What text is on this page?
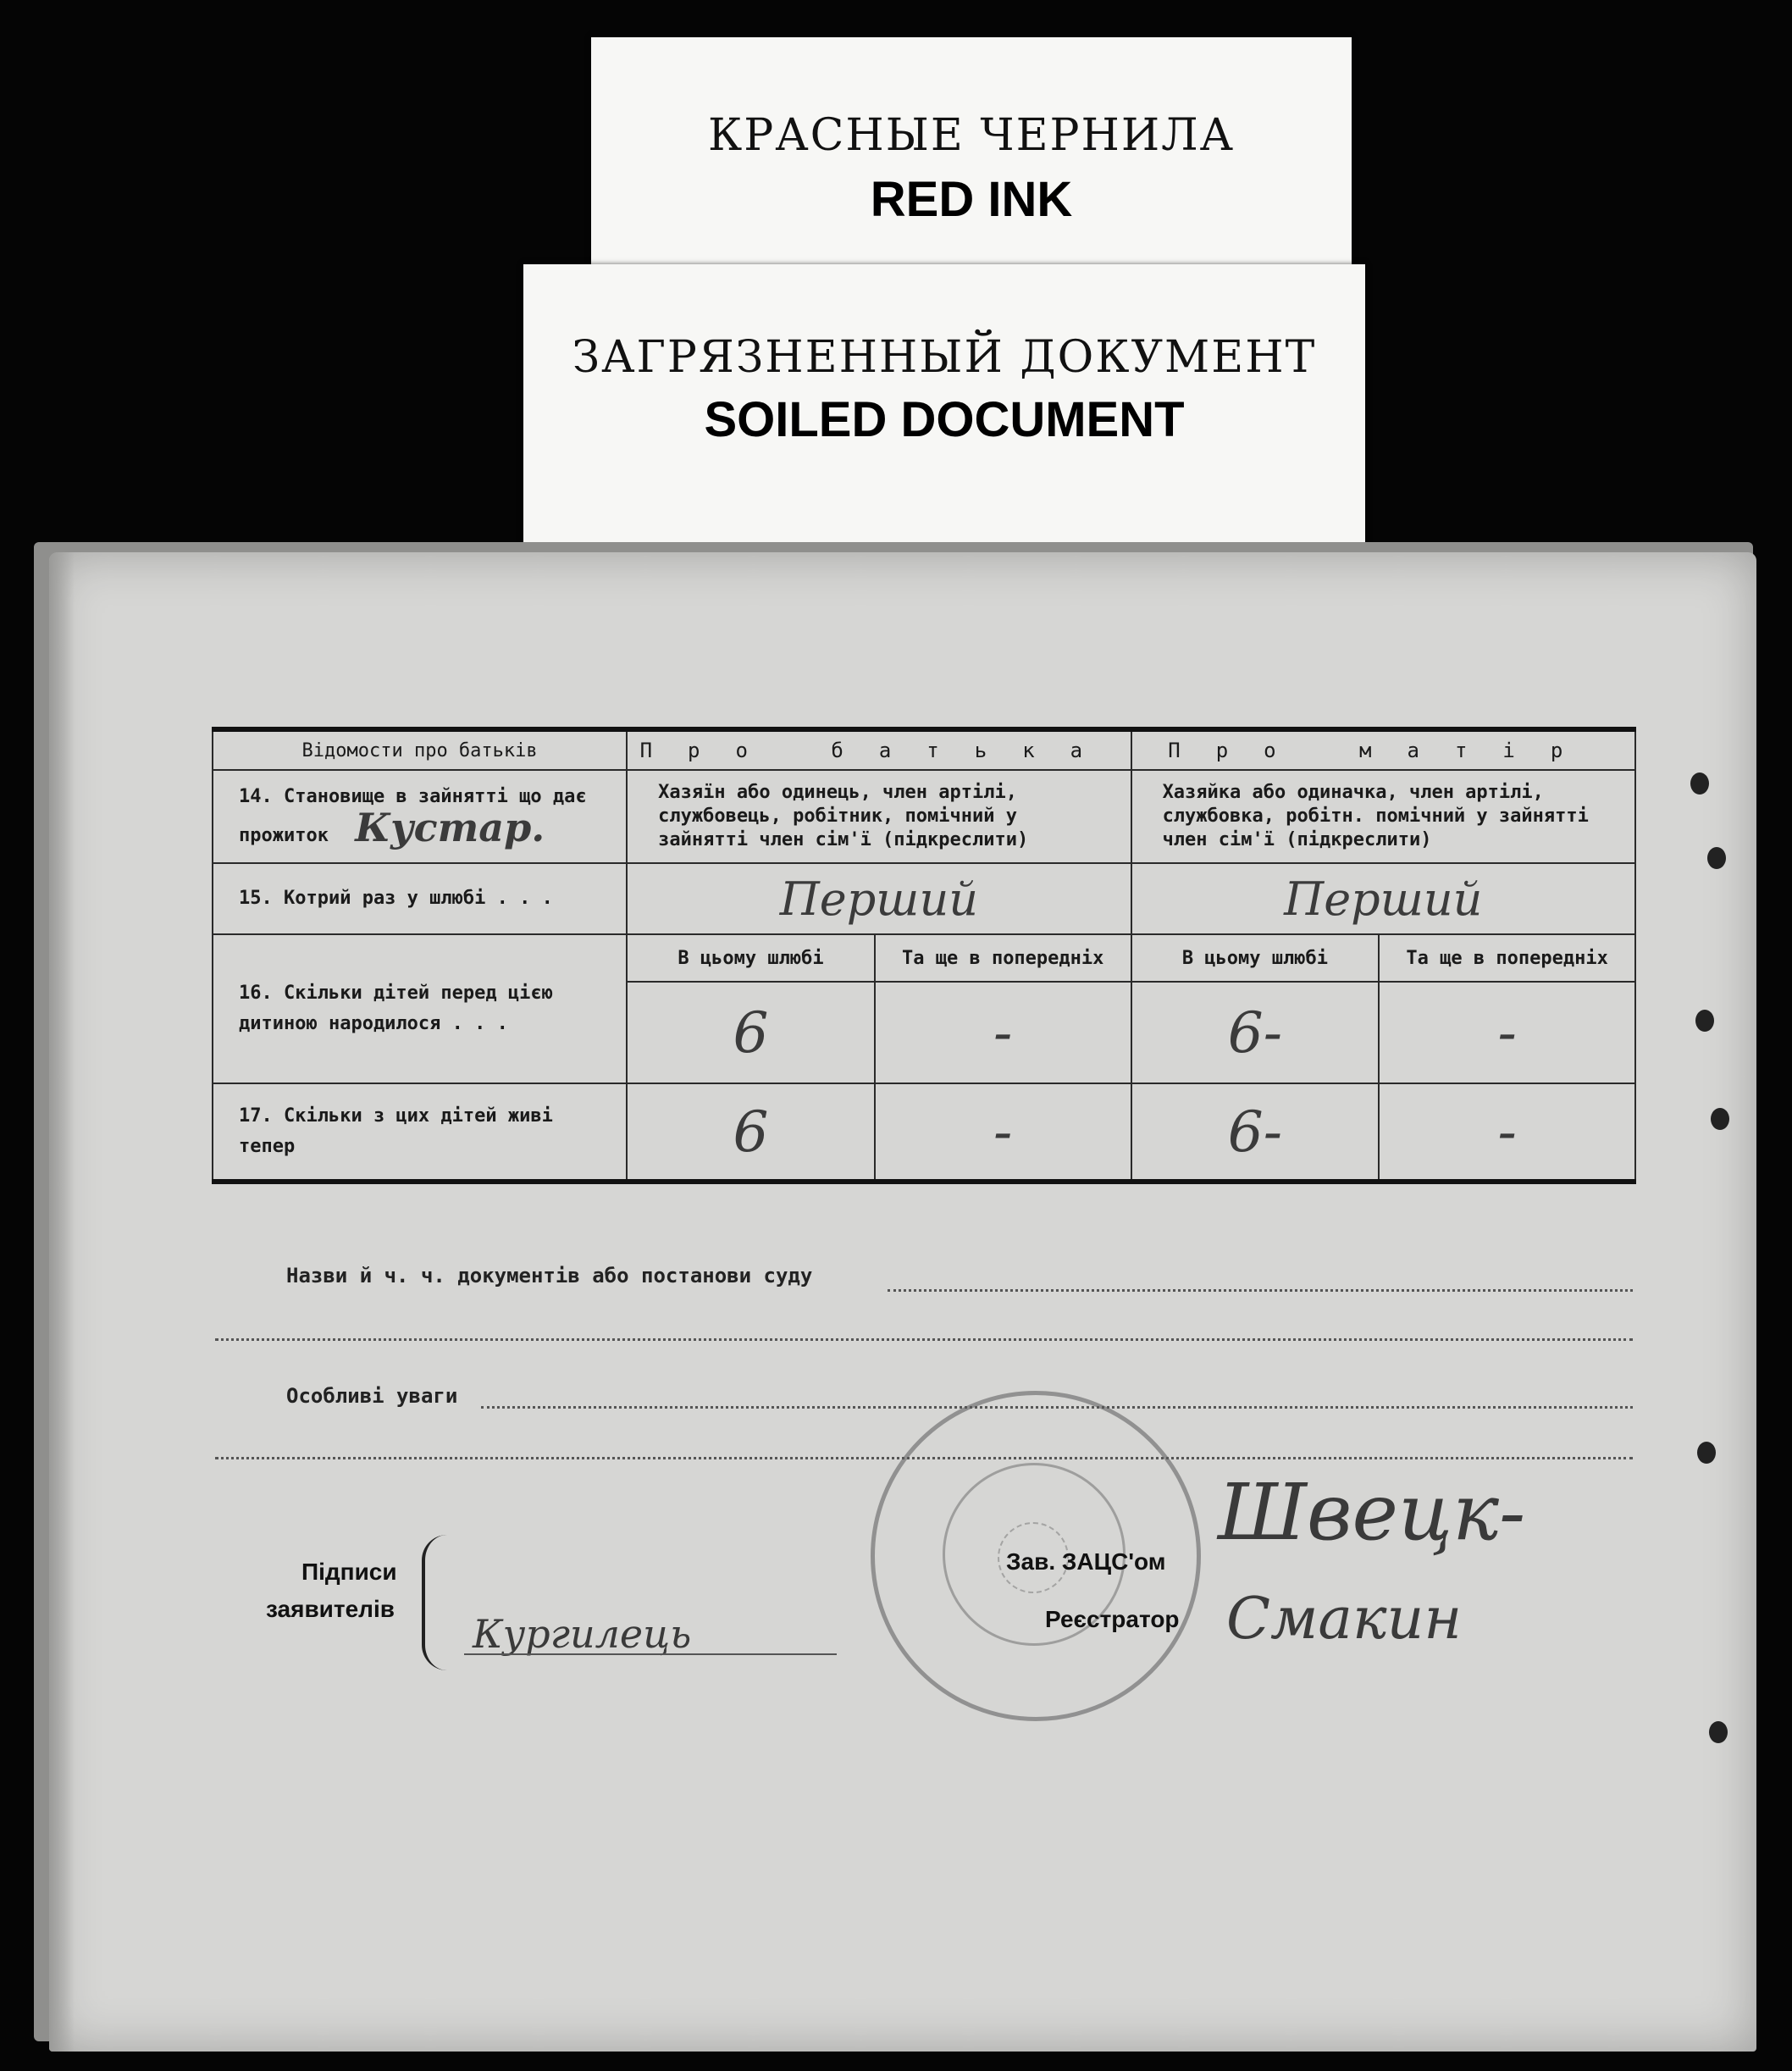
КРАСНЫЕ ЧЕРНИЛА
RED INK
ЗАГРЯЗНЕННЫЙ ДОКУМЕНТ
SOILED DOCUMENT
Відомости про батьків	Про батька		Про матір	
14. Становище в зайнятті що дає прожиток Кустар.	Хазяїн або одинець, член артілі, службовець, робітник, помічний у зайнятті член сім'ї (підкреслити)		Хазяйка або одиначка, член артілі, службовка, робітн. помічний у зайнятті член сім'ї (підкреслити)	
15. Котрий раз у шлюбі . . .	Перший		Перший	
16. Скільки дітей перед цією дитиною народилося . . .	В цьому шлюбі	Та ще в попередніх	В цьому шлюбі	Та ще в попередніх
	6	-	6-	-
17. Скільки з цих дітей живі тепер	6	-	6-	-
Назви й ч. ч. документів або постанови суду
Особливі уваги
Підписи
заявителів
Кургилець
Зав. ЗАЦС'ом
Швецк-
Реєстратор Смакин
